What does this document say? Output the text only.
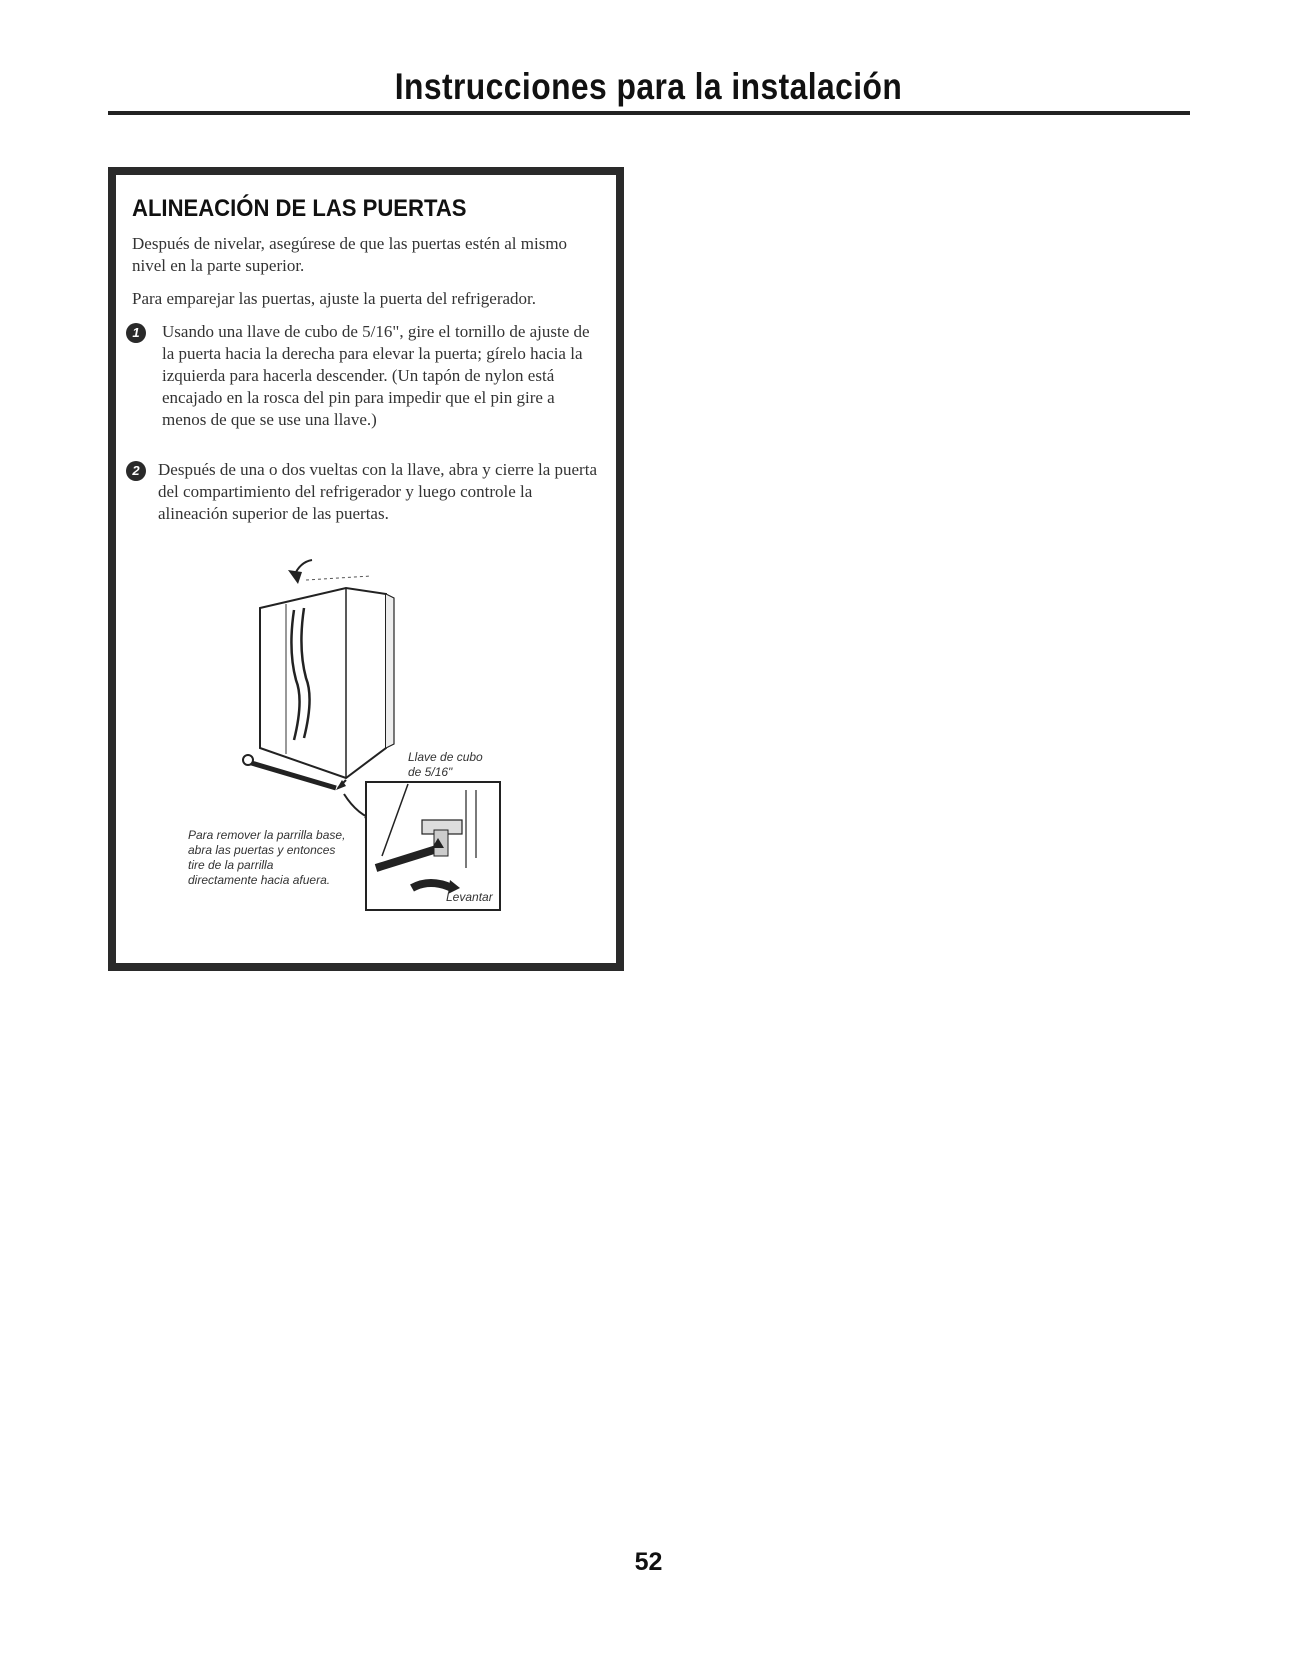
Instrucciones para la instalación
ALINEACIÓN DE LAS PUERTAS

Después de nivelar, asegúrese de que las puertas estén al mismo nivel en la parte superior.

Para emparejar las puertas, ajuste la puerta del refrigerador.

1	Usando una llave de cubo de 5/16", gire el tornillo de ajuste de la puerta hacia la derecha para elevar la puerta; gírelo hacia la izquierda para hacerla descender. (Un tapón de nylon está encajado en la rosca del pin para impedir que el pin gire a menos de que se use una llave.)

2	Después de una o dos vueltas con la llave, abra y cierre la puerta del compartimiento del refrigerador y luego controle la alineación superior de las puertas.

Llave de cubo
de 5/16"
Para remover la parrilla base,
abra las puertas y entonces
tire de la parrilla
directamente hacia afuera.
Levantar
52
